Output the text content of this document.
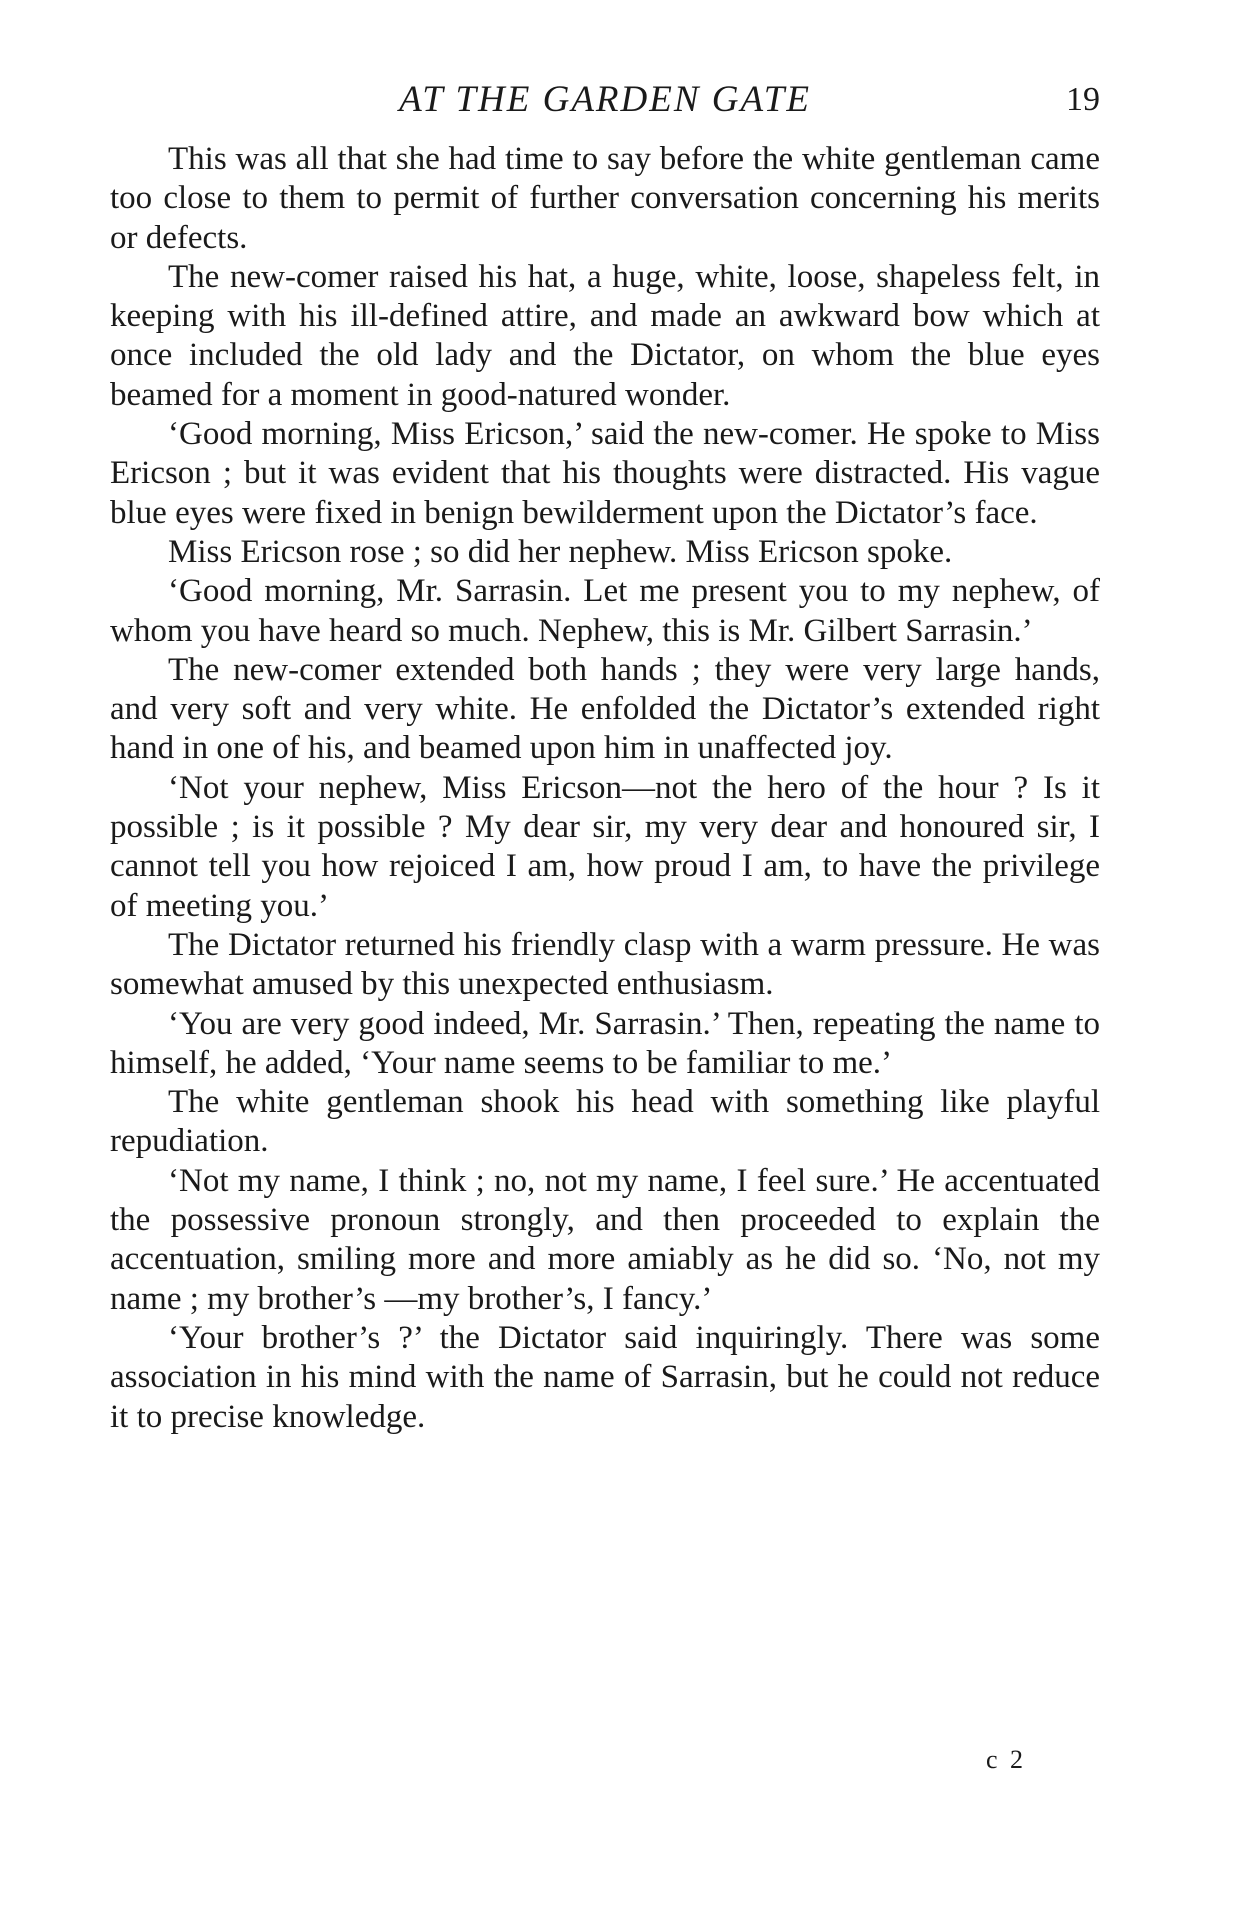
AT THE GARDEN GATE	19

This was all that she had time to say before the white gentleman came too close to them to permit of further conversation concerning his merits or defects.

The new-comer raised his hat, a huge, white, loose, shapeless felt, in keeping with his ill-defined attire, and made an awkward bow which at once included the old lady and the Dictator, on whom the blue eyes beamed for a moment in good-natured wonder.

‘Good morning, Miss Ericson,’ said the new-comer. He spoke to Miss Ericson ; but it was evident that his thoughts were distracted. His vague blue eyes were fixed in benign bewilderment upon the Dictator’s face.

Miss Ericson rose ; so did her nephew. Miss Ericson spoke.

‘Good morning, Mr. Sarrasin. Let me present you to my nephew, of whom you have heard so much. Nephew, this is Mr. Gilbert Sarrasin.’

The new-comer extended both hands ; they were very large hands, and very soft and very white. He enfolded the Dictator’s extended right hand in one of his, and beamed upon him in unaffected joy.

‘Not your nephew, Miss Ericson—not the hero of the hour ? Is it possible ; is it possible ? My dear sir, my very dear and honoured sir, I cannot tell you how rejoiced I am, how proud I am, to have the privilege of meeting you.’

The Dictator returned his friendly clasp with a warm pressure. He was somewhat amused by this unexpected enthusiasm.

‘You are very good indeed, Mr. Sarrasin.’ Then, repeating the name to himself, he added, ‘Your name seems to be familiar to me.’

The white gentleman shook his head with something like playful repudiation.

‘Not my name, I think ; no, not my name, I feel sure.’ He accentuated the possessive pronoun strongly, and then proceeded to explain the accentuation, smiling more and more amiably as he did so. ‘No, not my name ; my brother’s —my brother’s, I fancy.’

‘Your brother’s ?’ the Dictator said inquiringly. There was some association in his mind with the name of Sarrasin, but he could not reduce it to precise knowledge.

c 2
